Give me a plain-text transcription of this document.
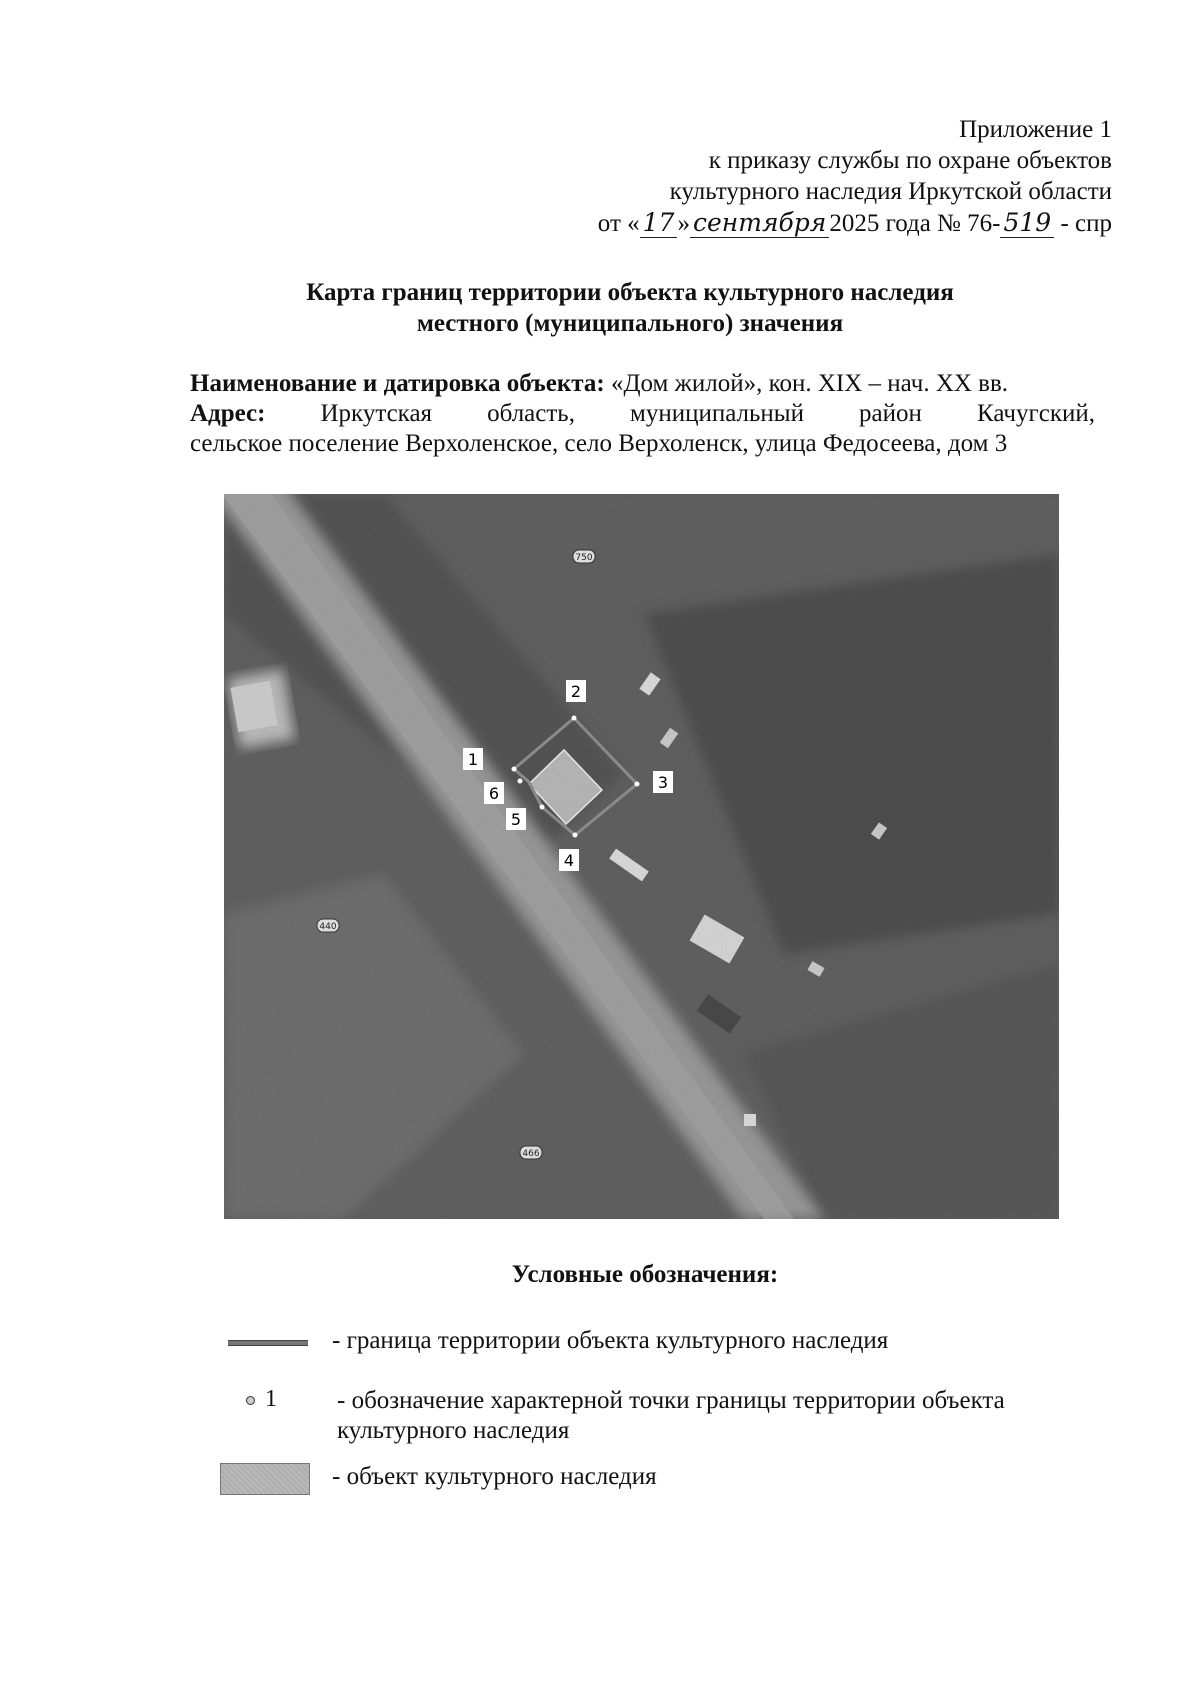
Приложение 1
к приказу службы по охране объектов
культурного наследия Иркутской области
от « 17 » сентября 2025 года № 76- 519 - спр
Карта границ территории объекта культурного наследия
местного (муниципального) значения
Наименование и датировка объекта: «Дом жилой», кон. XIX – нач. XX вв.
Адрес: Иркутская область, муниципальный район Качугский,
сельское поселение Верхоленское, село Верхоленск, улица Федосеева, дом 3
1
2
3
4
5
6
750
440
466
Условные обозначения:
- граница территории объекта культурного наследия
1 - обозначение характерной точки границы территории объекта
культурного наследия
- объект культурного наследия
